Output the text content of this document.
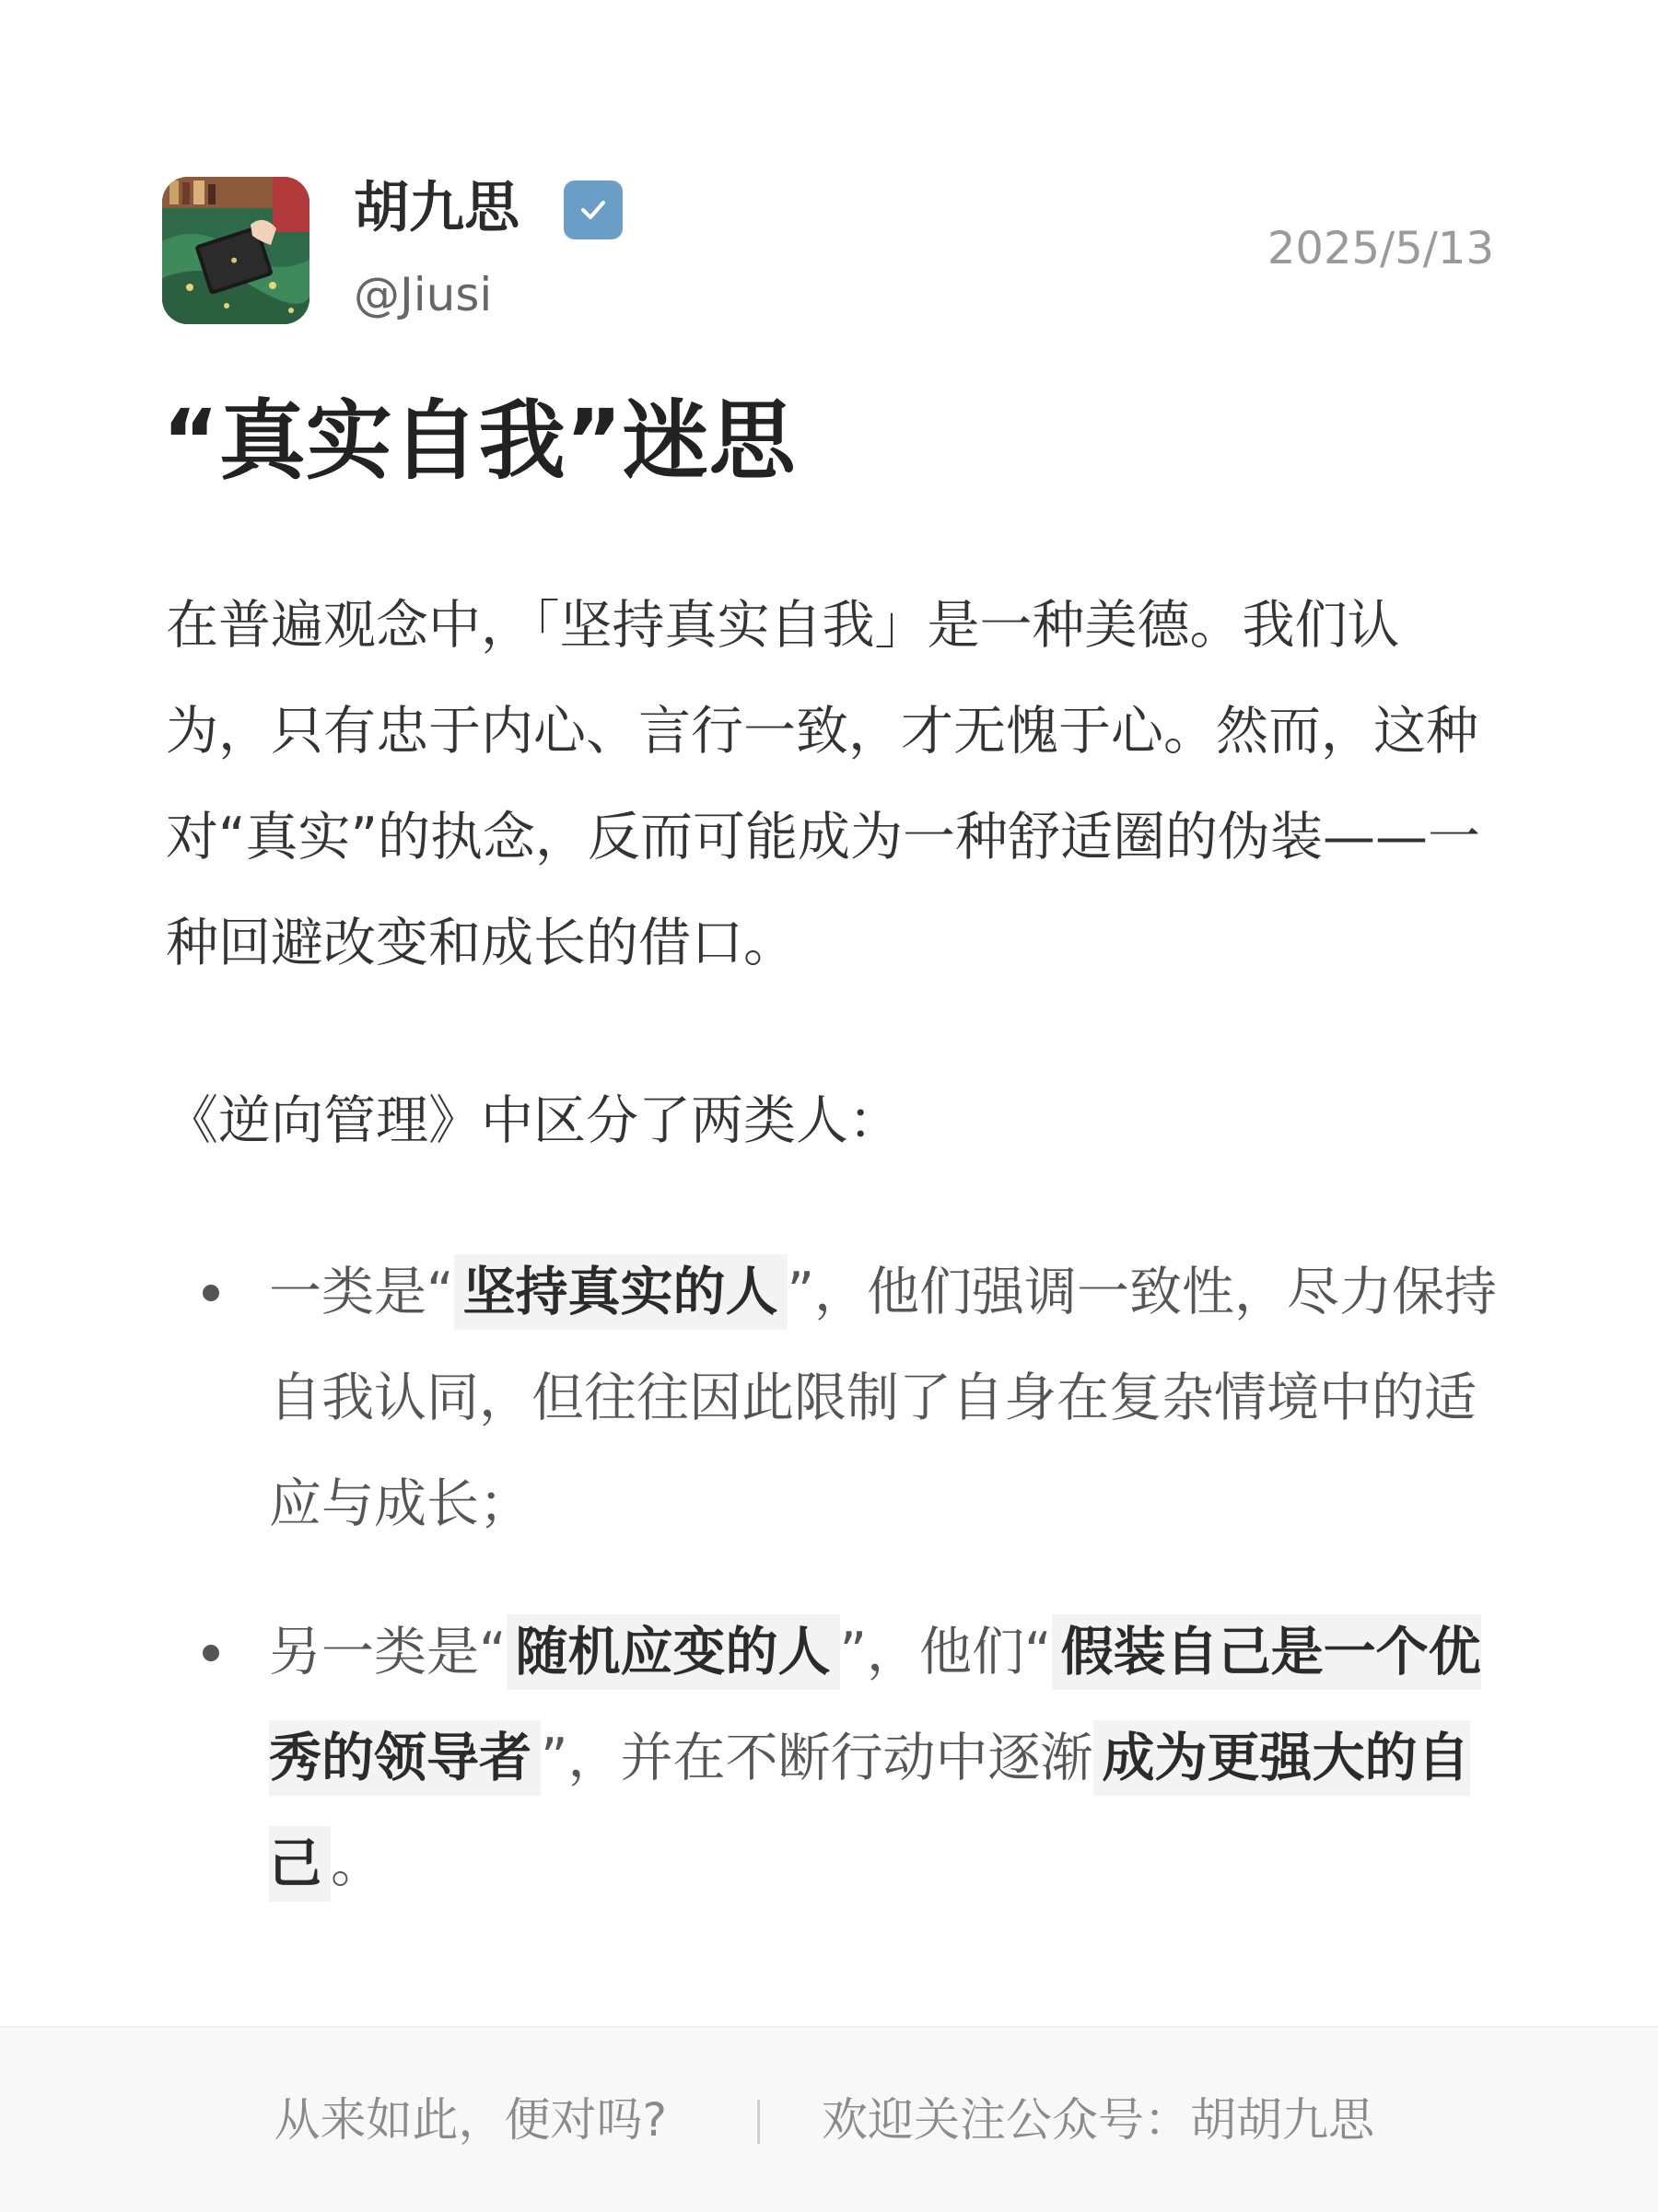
胡九思
@Jiusi
2025/5/13
“真实自我”迷思
在普遍观念中，「坚持真实自我」是一种美德。我们认为，只有忠于内心、言行一致，才无愧于心。然而，这种对“真实”的执念，反而可能成为一种舒适圈的伪装——一种回避改变和成长的借口。
《逆向管理》中区分了两类人：
一类是“ 坚持真实的人 ”，他们强调一致性，尽力保持自我认同，但往往因此限制了自身在复杂情境中的适应与成长；
另一类是“ 随机应变的人 ”，他们“ 假装自己是一个优秀的领导者 ”，并在不断行动中逐渐 成为更强大的自己 。
从来如此，便对吗?	欢迎关注公众号：胡胡九思
